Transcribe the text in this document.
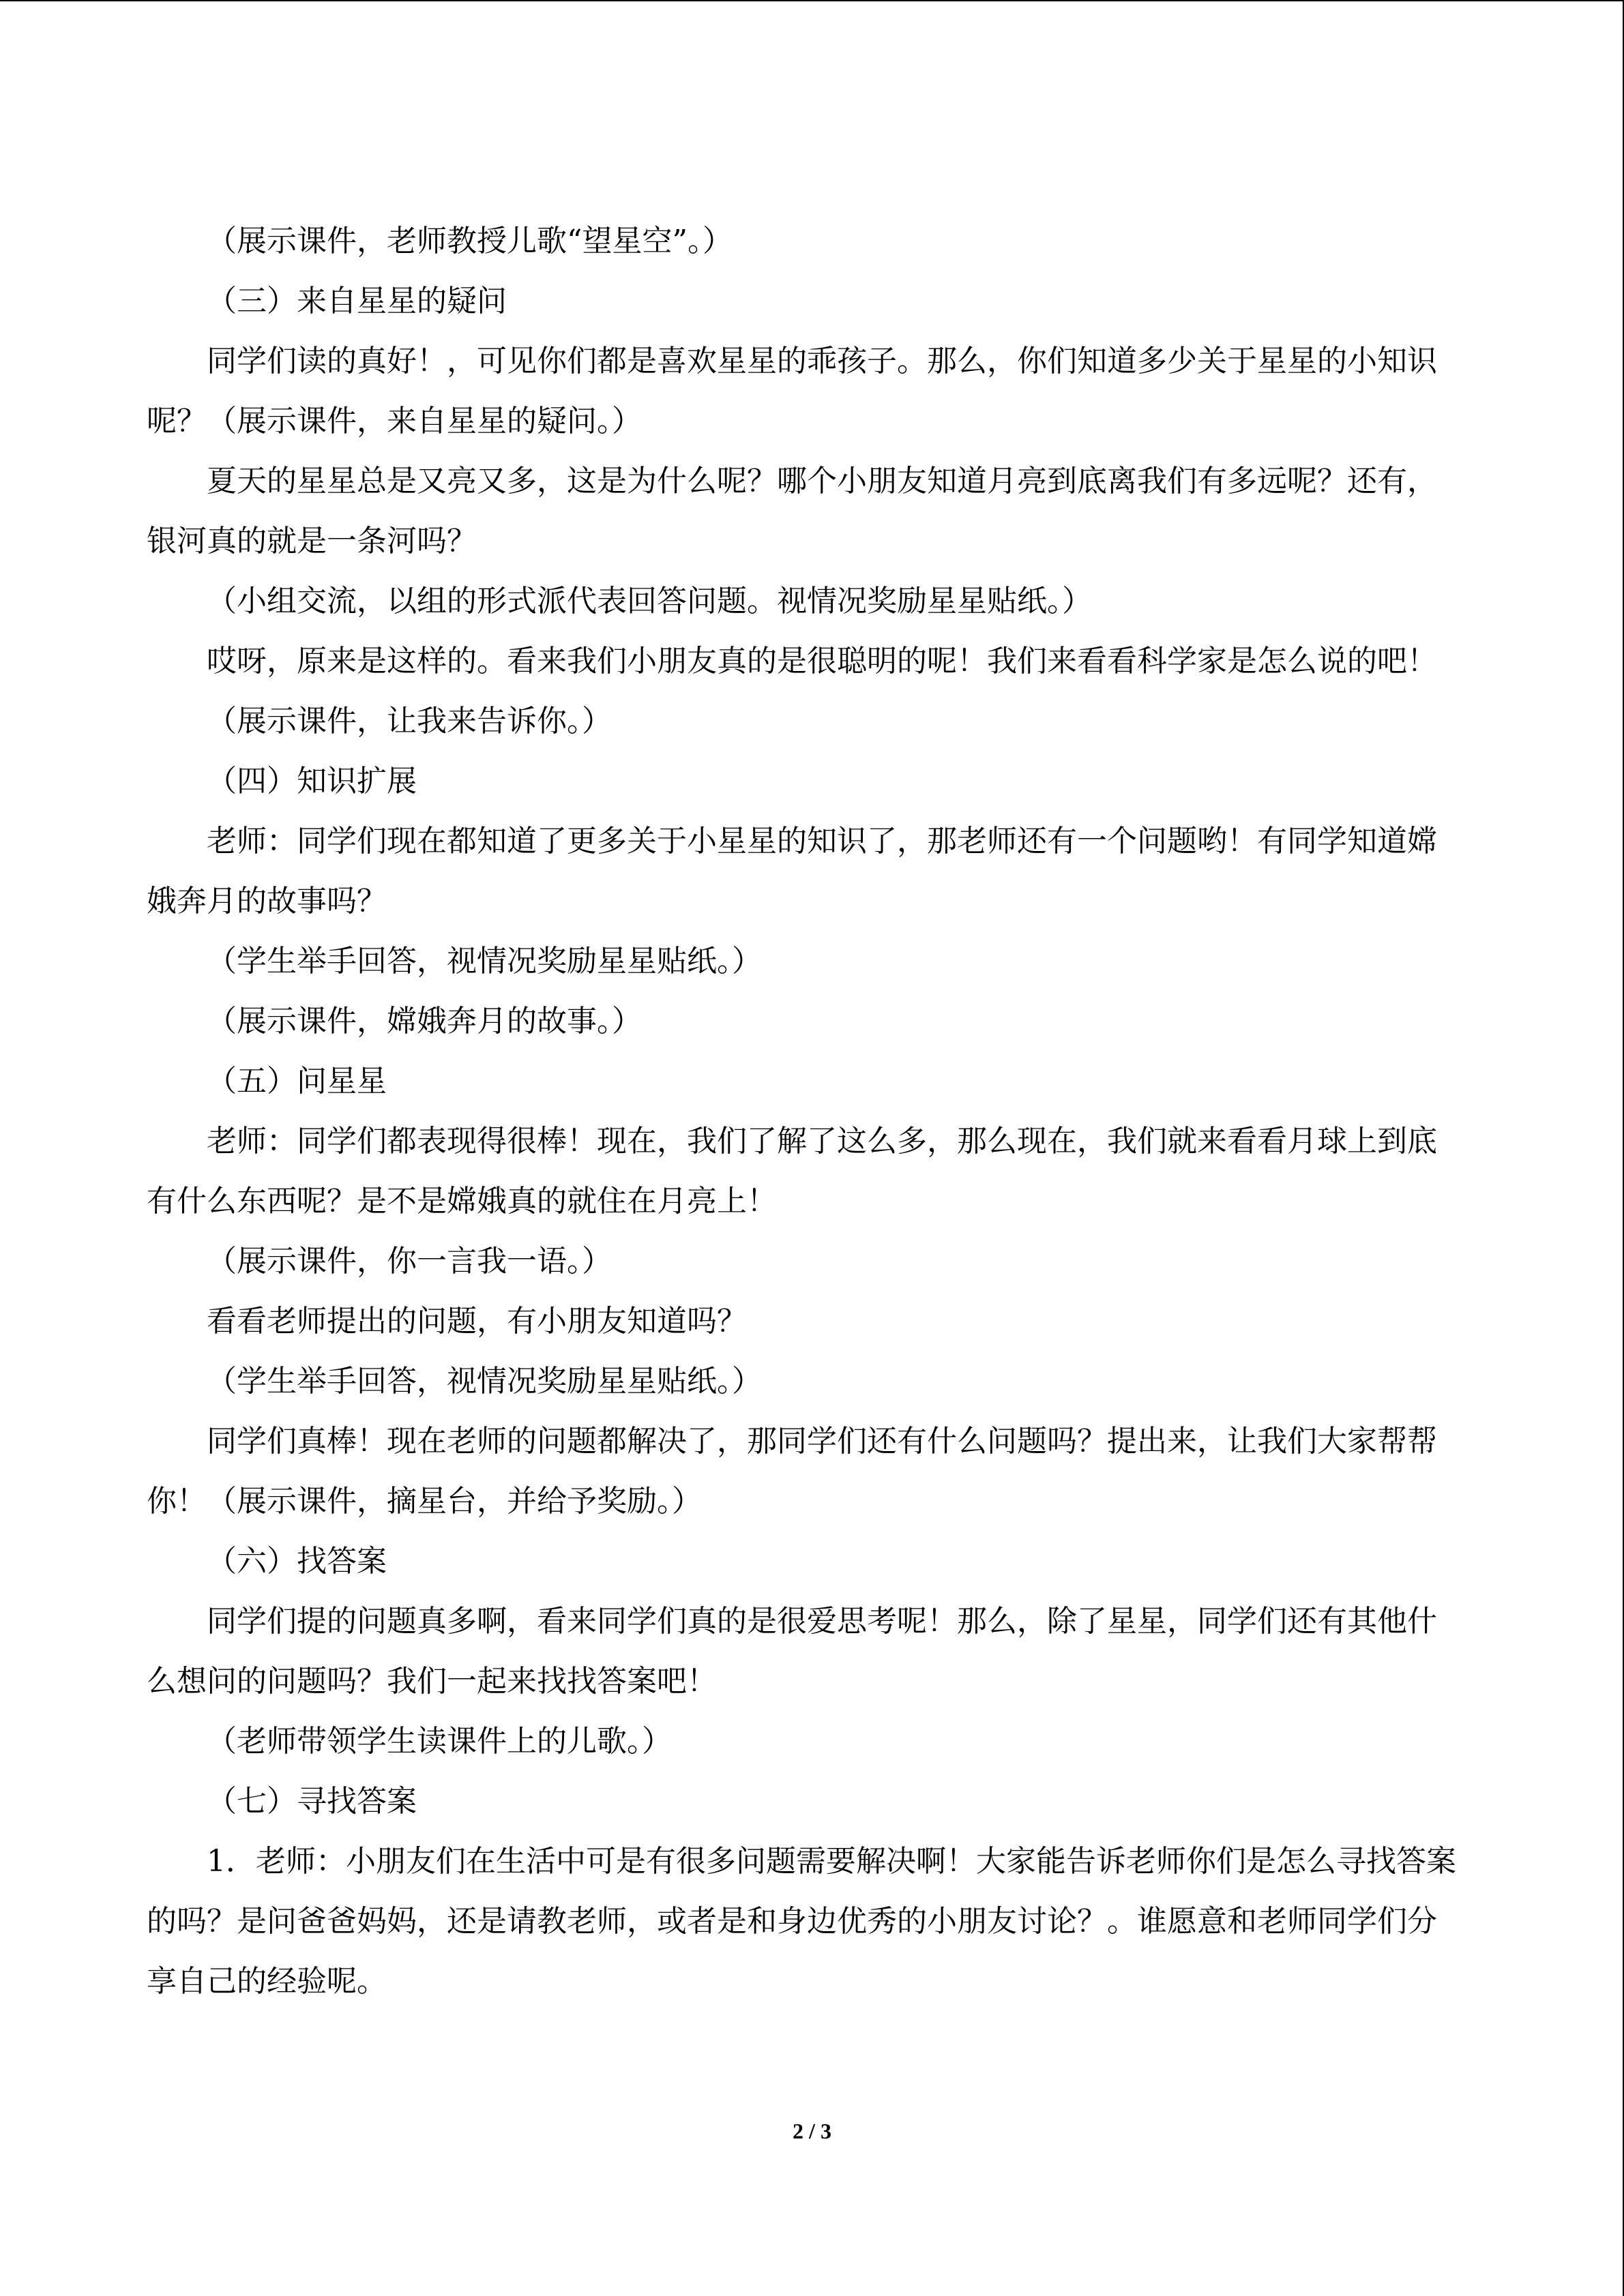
（展示课件，老师教授儿歌“望星空”。）

（三）来自星星的疑问

同学们读的真好！，可见你们都是喜欢星星的乖孩子。那么，你们知道多少关于星星的小知识呢？（展示课件，来自星星的疑问。）

夏天的星星总是又亮又多，这是为什么呢？哪个小朋友知道月亮到底离我们有多远呢？还有，银河真的就是一条河吗？

（小组交流，以组的形式派代表回答问题。视情况奖励星星贴纸。）

哎呀，原来是这样的。看来我们小朋友真的是很聪明的呢！我们来看看科学家是怎么说的吧！

（展示课件，让我来告诉你。）

（四）知识扩展

老师：同学们现在都知道了更多关于小星星的知识了，那老师还有一个问题哟！有同学知道嫦娥奔月的故事吗？

（学生举手回答，视情况奖励星星贴纸。）

（展示课件，嫦娥奔月的故事。）

（五）问星星

老师：同学们都表现得很棒！现在，我们了解了这么多，那么现在，我们就来看看月球上到底有什么东西呢？是不是嫦娥真的就住在月亮上！

（展示课件，你一言我一语。）

看看老师提出的问题，有小朋友知道吗？

（学生举手回答，视情况奖励星星贴纸。）

同学们真棒！现在老师的问题都解决了，那同学们还有什么问题吗？提出来，让我们大家帮帮你！（展示课件，摘星台，并给予奖励。）

（六）找答案

同学们提的问题真多啊，看来同学们真的是很爱思考呢！那么，除了星星，同学们还有其他什么想问的问题吗？我们一起来找找答案吧！

（老师带领学生读课件上的儿歌。）

（七）寻找答案

1．老师：小朋友们在生活中可是有很多问题需要解决啊！大家能告诉老师你们是怎么寻找答案的吗？是问爸爸妈妈，还是请教老师，或者是和身边优秀的小朋友讨论？。谁愿意和老师同学们分享自己的经验呢。

2 / 3
